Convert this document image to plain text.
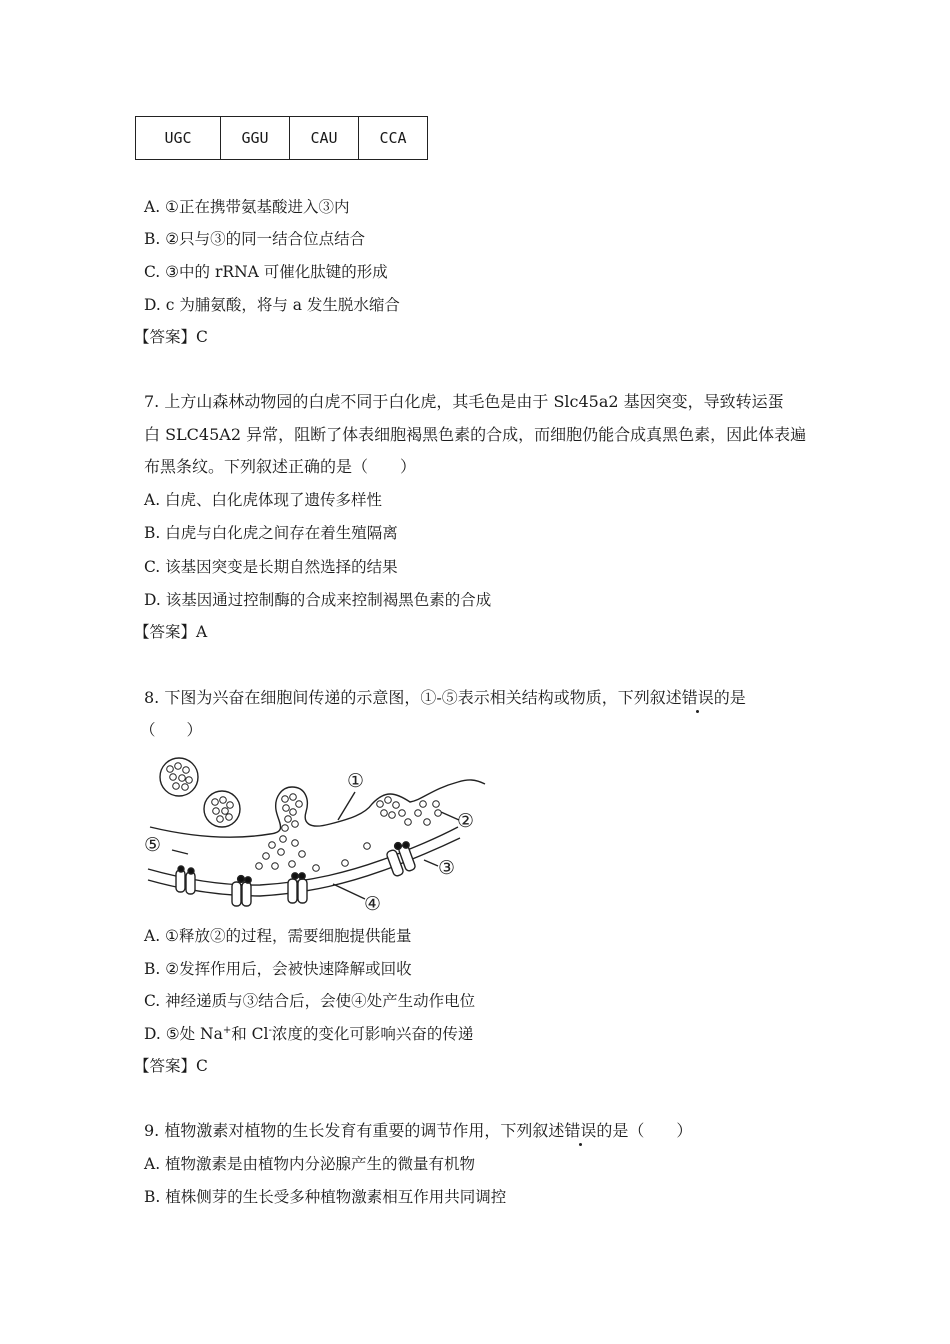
UGC	GGU	CAU	CCA
A. ①正在携带氨基酸进入③内
B. ②只与③的同一结合位点结合
C. ③中的 rRNA 可催化肽键的形成
D. c 为脯氨酸，将与 a 发生脱水缩合
【答案】C
7. 上方山森林动物园的白虎不同于白化虎，其毛色是由于 Slc45a2 基因突变，导致转运蛋
白 SLC45A2 异常，阻断了体表细胞褐黑色素的合成，而细胞仍能合成真黑色素，因此体表遍
布黑条纹。下列叙述正确的是（　　）
A. 白虎、白化虎体现了遗传多样性
B. 白虎与白化虎之间存在着生殖隔离
C. 该基因突变是长期自然选择的结果
D. 该基因通过控制酶的合成来控制褐黑色素的合成
【答案】A
8. 下图为兴奋在细胞间传递的示意图，①-⑤表示相关结构或物质，下列叙述错误的是
（　　）
①
②
③
④
⑤
A. ①释放②的过程，需要细胞提供能量
B. ②发挥作用后，会被快速降解或回收
C. 神经递质与③结合后，会使④处产生动作电位
D. ⑤处 Na+和 Cl-浓度的变化可影响兴奋的传递
【答案】C
9. 植物激素对植物的生长发育有重要的调节作用，下列叙述错误的是（　　）
A. 植物激素是由植物内分泌腺产生的微量有机物
B. 植株侧芽的生长受多种植物激素相互作用共同调控
